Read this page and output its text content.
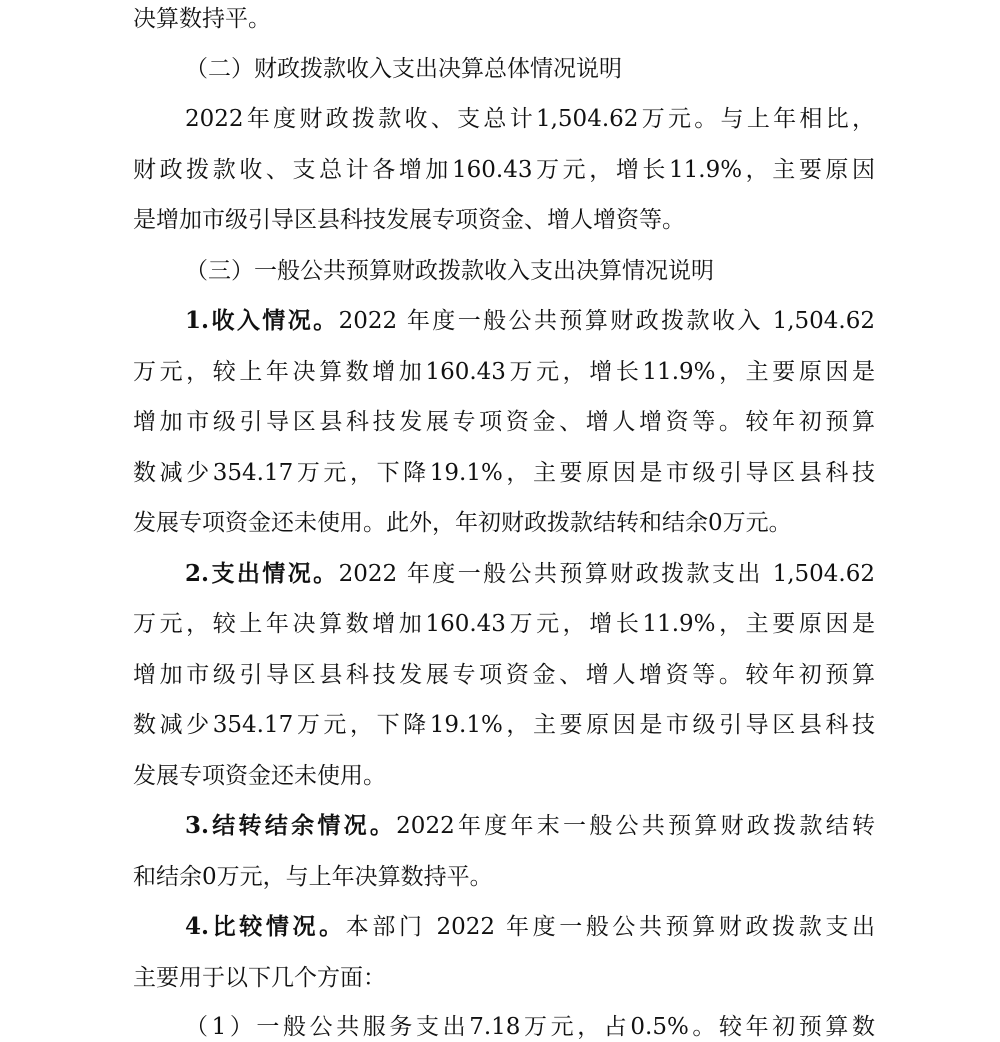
决算数持平。
（二）财政拨款收入支出决算总体情况说明
2022年度财政拨款收、支总计1,504.62万元。与上年相比，
财政拨款收、支总计各增加160.43万元，增长11.9%，主要原因
是增加市级引导区县科技发展专项资金、增人增资等。
（三）一般公共预算财政拨款收入支出决算情况说明
1.收入情况。2022 年度一般公共预算财政拨款收入 1,504.62
万元，较上年决算数增加160.43万元，增长11.9%，主要原因是
增加市级引导区县科技发展专项资金、增人增资等。较年初预算
数减少354.17万元，下降19.1%，主要原因是市级引导区县科技
发展专项资金还未使用。此外，年初财政拨款结转和结余0万元。
2.支出情况。2022 年度一般公共预算财政拨款支出 1,504.62
万元，较上年决算数增加160.43万元，增长11.9%，主要原因是
增加市级引导区县科技发展专项资金、增人增资等。较年初预算
数减少354.17万元，下降19.1%，主要原因是市级引导区县科技
发展专项资金还未使用。
3.结转结余情况。2022年度年末一般公共预算财政拨款结转
和结余0万元，与上年决算数持平。
4.比较情况。本部门 2022 年度一般公共预算财政拨款支出
主要用于以下几个方面：
（1）一般公共服务支出7.18万元，占0.5%。较年初预算数
